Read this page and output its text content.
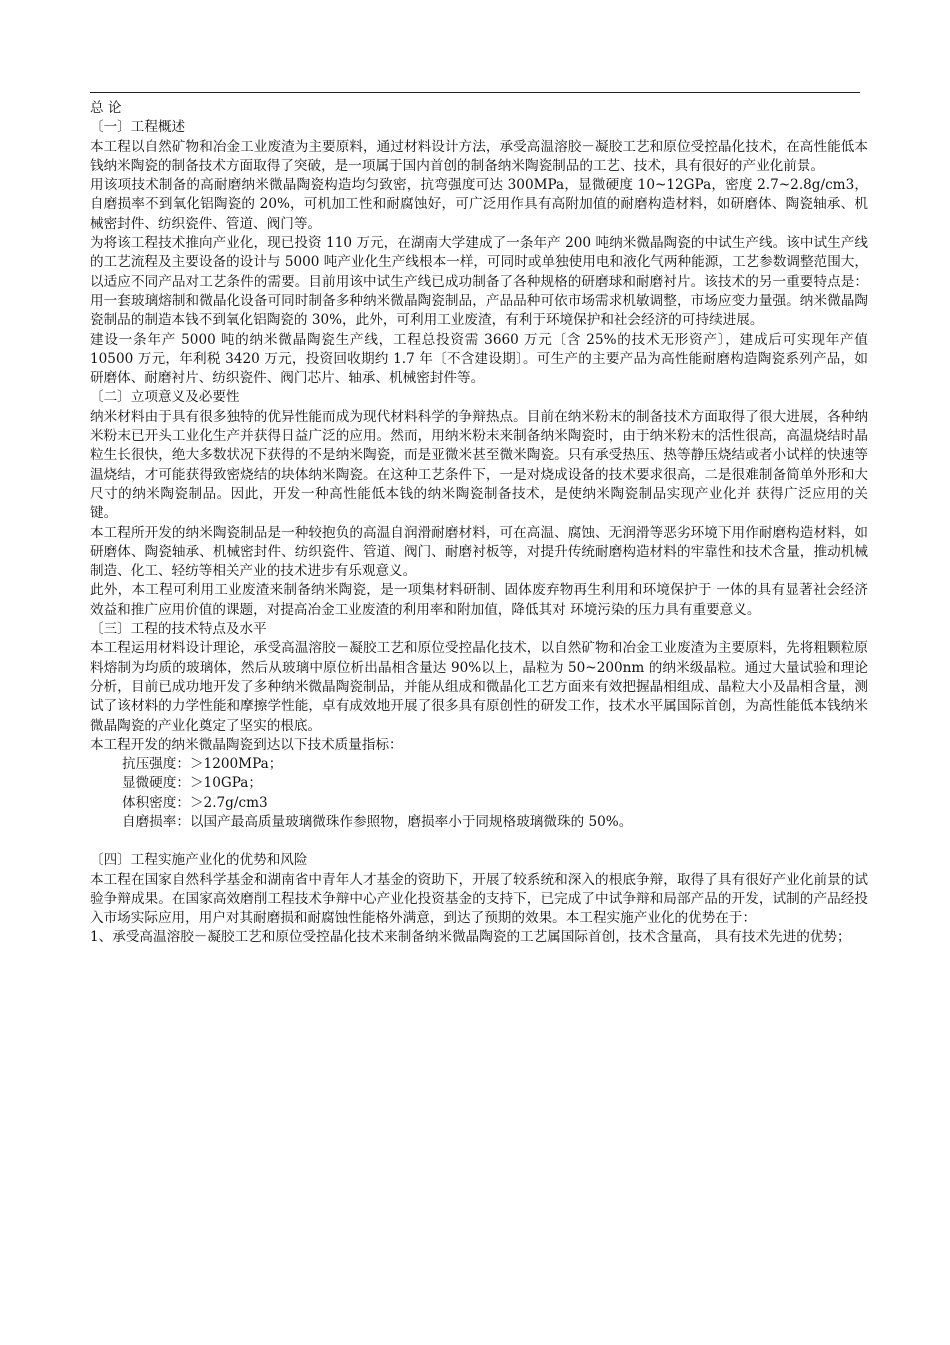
总 论

〔一〕工程概述

本工程以自然矿物和冶金工业废渣为主要原料，通过材料设计方法，承受高温溶胶－凝胶工艺和原位受控晶化技术，在高性能低本钱纳米陶瓷的制备技术方面取得了突破，是一项属于国内首创的制备纳米陶瓷制品的工艺、技术，具有很好的产业化前景。

用该项技术制备的高耐磨纳米微晶陶瓷构造均匀致密，抗弯强度可达 300MPa，显微硬度 10~12GPa，密度 2.7~2.8g/cm3，自磨损率不到氧化铝陶瓷的 20%，可机加工性和耐腐蚀好，可广泛用作具有高附加值的耐磨构造材料，如研磨体、陶瓷轴承、机械密封件、纺织瓷件、管道、阀门等。

为将该工程技术推向产业化，现已投资 110 万元，在湖南大学建成了一条年产 200 吨纳米微晶陶瓷的中试生产线。该中试生产线的工艺流程及主要设备的设计与 5000 吨产业化生产线根本一样，可同时或单独使用电和液化气两种能源，工艺参数调整范围大，以适应不同产品对工艺条件的需要。目前用该中试生产线已成功制备了各种规格的研磨球和耐磨衬片。该技术的另一重要特点是：用一套玻璃熔制和微晶化设备可同时制备多种纳米微晶陶瓷制品，产品品种可依市场需求机敏调整，市场应变力量强。纳米微晶陶瓷制品的制造本钱不到氧化铝陶瓷的 30%，此外，可利用工业废渣，有利于环境保护和社会经济的可持续进展。

建设一条年产 5000 吨的纳米微晶陶瓷生产线，工程总投资需 3660 万元〔含 25%的技术无形资产〕，建成后可实现年产值 10500 万元，年利税 3420 万元，投资回收期约 1.7 年〔不含建设期〕。可生产的主要产品为高性能耐磨构造陶瓷系列产品，如研磨体、耐磨衬片、纺织瓷件、阀门芯片、轴承、机械密封件等。

〔二〕立项意义及必要性

纳米材料由于具有很多独特的优异性能而成为现代材料科学的争辩热点。目前在纳米粉末的制备技术方面取得了很大进展，各种纳米粉末已开头工业化生产并获得日益广泛的应用。然而，用纳米粉末来制备纳米陶瓷时，由于纳米粉末的活性很高，高温烧结时晶粒生长很快，绝大多数状况下获得的不是纳米陶瓷，而是亚微米甚至微米陶瓷。只有承受热压、热等静压烧结或者小试样的快速等温烧结，才可能获得致密烧结的块体纳米陶瓷。在这种工艺条件下，一是对烧成设备的技术要求很高，二是很难制备简单外形和大尺寸的纳米陶瓷制品。因此，开发一种高性能低本钱的纳米陶瓷制备技术，是使纳米陶瓷制品实现产业化并 获得广泛应用的关键。

本工程所开发的纳米陶瓷制品是一种较抱负的高温自润滑耐磨材料，可在高温、腐蚀、无润滑等恶劣环境下用作耐磨构造材料，如研磨体、陶瓷轴承、机械密封件、纺织瓷件、管道、阀门、耐磨衬板等，对提升传统耐磨构造材料的牢靠性和技术含量，推动机械制造、化工、轻纺等相关产业的技术进步有乐观意义。

此外，本工程可利用工业废渣来制备纳米陶瓷，是一项集材料研制、固体废弃物再生利用和环境保护于 一体的具有显著社会经济效益和推广应用价值的课题，对提高冶金工业废渣的利用率和附加值，降低其对 环境污染的压力具有重要意义。

〔三〕工程的技术特点及水平

本工程运用材料设计理论，承受高温溶胶－凝胶工艺和原位受控晶化技术，以自然矿物和冶金工业废渣为主要原料，先将粗颗粒原料熔制为均质的玻璃体，然后从玻璃中原位析出晶相含量达 90%以上，晶粒为 50~200nm 的纳米级晶粒。通过大量试验和理论分析，目前已成功地开发了多种纳米微晶陶瓷制品，并能从组成和微晶化工艺方面来有效把握晶相组成、晶粒大小及晶相含量，测试了该材料的力学性能和摩擦学性能，卓有成效地开展了很多具有原创性的研发工作，技术水平属国际首创，为高性能低本钱纳米微晶陶瓷的产业化奠定了坚实的根底。

本工程开发的纳米微晶陶瓷到达以下技术质量指标：

抗压强度：＞1200MPa；

显微硬度：＞10GPa；

体积密度：＞2.7g/cm3

自磨损率：以国产最高质量玻璃微珠作参照物，磨损率小于同规格玻璃微珠的 50%。

〔四〕工程实施产业化的优势和风险

本工程在国家自然科学基金和湖南省中青年人才基金的资助下，开展了较系统和深入的根底争辩，取得了具有很好产业化前景的试验争辩成果。在国家高效磨削工程技术争辩中心产业化投资基金的支持下，已完成了中试争辩和局部产品的开发，试制的产品经投入市场实际应用，用户对其耐磨损和耐腐蚀性能格外满意，到达了预期的效果。本工程实施产业化的优势在于：

1、承受高温溶胶－凝胶工艺和原位受控晶化技术来制备纳米微晶陶瓷的工艺属国际首创，技术含量高， 具有技术先进的优势；
